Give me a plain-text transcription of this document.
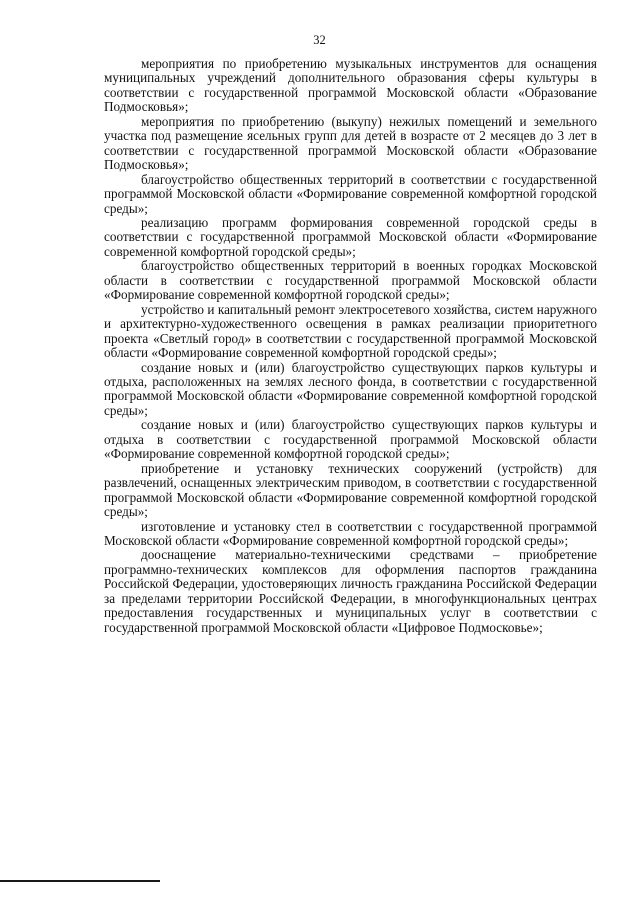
32

мероприятия по приобретению музыкальных инструментов для оснащения муниципальных учреждений дополнительного образования сферы культуры в соответствии с государственной программой Московской области «Образование Подмосковья»;

мероприятия по приобретению (выкупу) нежилых помещений и земельного участка под размещение ясельных групп для детей в возрасте от 2 месяцев до 3 лет в соответствии с государственной программой Московской области «Образование Подмосковья»;

благоустройство общественных территорий в соответствии с государственной программой Московской области «Формирование современной комфортной городской среды»;

реализацию программ формирования современной городской среды в соответствии с государственной программой Московской области «Формирование современной комфортной городской среды»;

благоустройство общественных территорий в военных городках Московской области в соответствии с государственной программой Московской области «Формирование современной комфортной городской среды»;

устройство и капитальный ремонт электросетевого хозяйства, систем наружного и архитектурно-художественного освещения в рамках реализации приоритетного проекта «Светлый город» в соответствии с государственной программой Московской области «Формирование современной комфортной городской среды»;

создание новых и (или) благоустройство существующих парков культуры и отдыха, расположенных на землях лесного фонда, в соответствии с государственной программой Московской области «Формирование современной комфортной городской среды»;

создание новых и (или) благоустройство существующих парков культуры и отдыха в соответствии с государственной программой Московской области «Формирование современной комфортной городской среды»;

приобретение и установку технических сооружений (устройств) для развлечений, оснащенных электрическим приводом, в соответствии с государственной программой Московской области «Формирование современной комфортной городской среды»;

изготовление и установку стел в соответствии с государственной программой Московской области «Формирование современной комфортной городской среды»;

дооснащение материально-техническими средствами – приобретение программно-технических комплексов для оформления паспортов гражданина Российской Федерации, удостоверяющих личность гражданина Российской Федерации за пределами территории Российской Федерации, в многофункциональных центрах предоставления государственных и муниципальных услуг в соответствии с государственной программой Московской области «Цифровое Подмосковье»;
